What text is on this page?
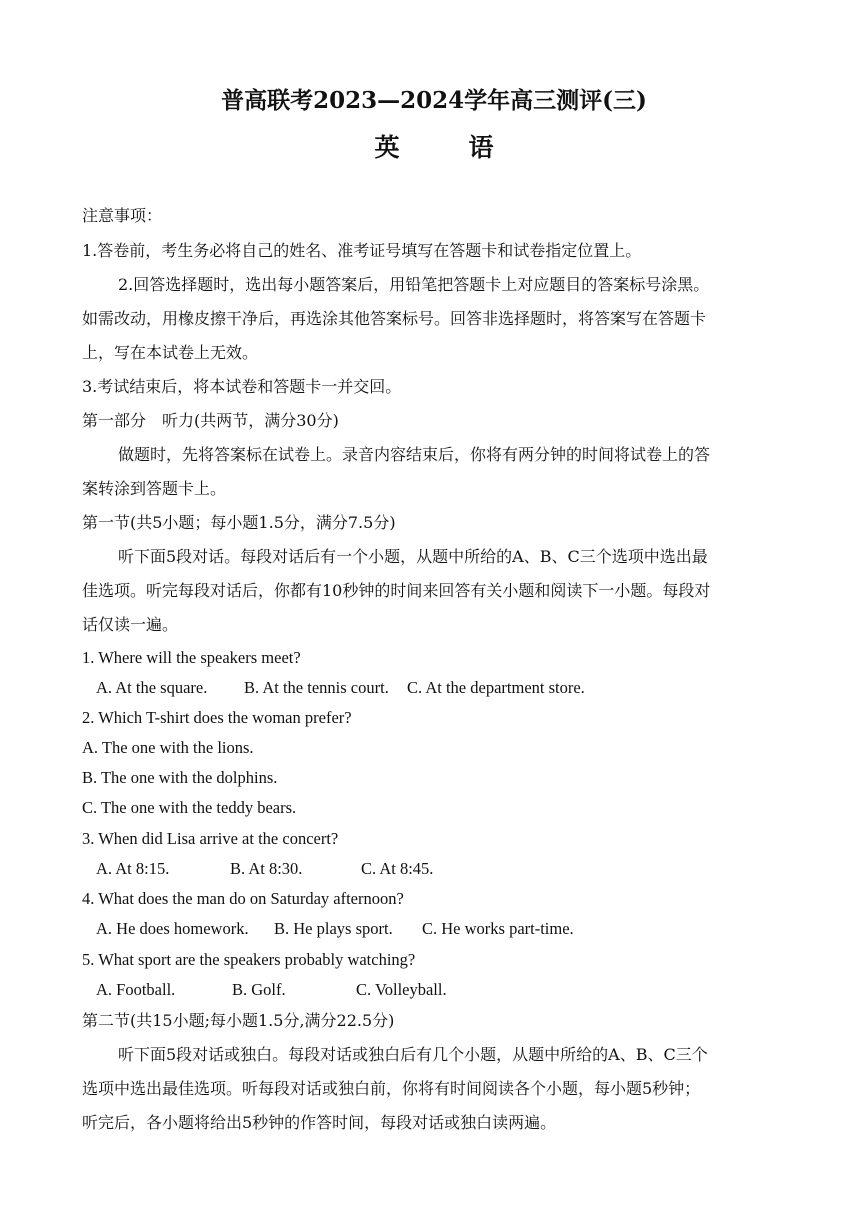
普高联考2023—2024学年高三测评(三)
英　语
注意事项：
1.答卷前，考生务必将自己的姓名、准考证号填写在答题卡和试卷指定位置上。
2.回答选择题时，选出每小题答案后，用铅笔把答题卡上对应题目的答案标号涂黑。
如需改动，用橡皮擦干净后，再选涂其他答案标号。回答非选择题时，将答案写在答题卡
上，写在本试卷上无效。
3.考试结束后，将本试卷和答题卡一并交回。
第一部分　听力(共两节，满分30分)
做题时，先将答案标在试卷上。录音内容结束后，你将有两分钟的时间将试卷上的答
案转涂到答题卡上。
第一节(共5小题；每小题1.5分，满分7.5分)
听下面5段对话。每段对话后有一个小题，从题中所给的A、B、C三个选项中选出最
佳选项。听完每段对话后，你都有10秒钟的时间来回答有关小题和阅读下一小题。每段对
话仅读一遍。
1. Where will the speakers meet?
A. At the square. B. At the tennis court. C. At the department store.
2. Which T-shirt does the woman prefer?
A. The one with the lions.
B. The one with the dolphins.
C. The one with the teddy bears.
3. When did Lisa arrive at the concert?
A. At 8:15.	B. At 8:30.	C. At 8:45.
4. What does the man do on Saturday afternoon?
A. He does homework. B. He plays sport. C. He works part-time.
5. What sport are the speakers probably watching?
A. Football.	B. Golf.	C. Volleyball.
第二节(共15小题;每小题1.5分,满分22.5分)
听下面5段对话或独白。每段对话或独白后有几个小题，从题中所给的A、B、C三个
选项中选出最佳选项。听每段对话或独白前，你将有时间阅读各个小题，每小题5秒钟；
听完后，各小题将给出5秒钟的作答时间，每段对话或独白读两遍。
